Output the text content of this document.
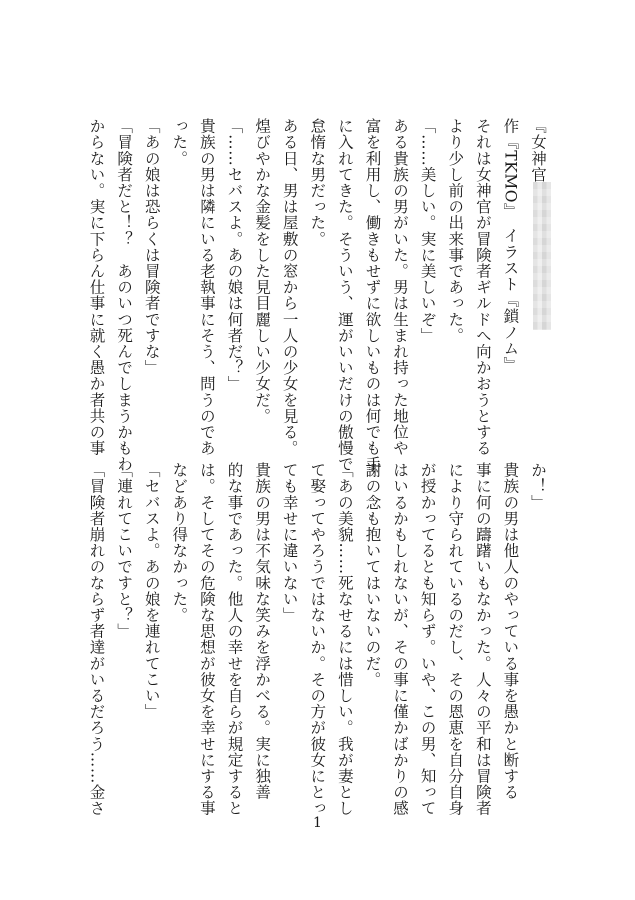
『女神官
作『TKMO』　イラスト『鎖ノム』
それは女神官が冒険者ギルドへ向かおうとする
より少し前の出来事であった。
「……美しい。実に美しいぞ」
ある貴族の男がいた。男は生まれ持った地位や
富を利用し、働きもせずに欲しいものは何でも手
に入れてきた。そういう、運がいいだけの傲慢で
怠惰な男だった。
ある日、男は屋敷の窓から一人の少女を見る。
煌びやかな金髪をした見目麗しい少女だ。
「……セバスよ。あの娘は何者だ？」
貴族の男は隣にいる老執事にそう、問うのであ
った。
「あの娘は恐らくは冒険者ですな」
「冒険者だと！？　あのいつ死んでしまうかもわ
からない。実に下らん仕事に就く愚か者共の事
か！」
貴族の男は他人のやっている事を愚かと断する
事に何の躊躇いもなかった。人々の平和は冒険者
により守られているのだし、その恩恵を自分自身
が授かってるとも知らず。いや、この男、知って
はいるかもしれないが、その事に僅かばかりの感
謝の念も抱いてはいないのだ。
「あの美貌……死なせるには惜しい。我が妻とし
て娶ってやろうではないか。その方が彼女にとっ
ても幸せに違いない」
貴族の男は不気味な笑みを浮かべる。実に独善
的な事であった。他人の幸せを自らが規定すると
は。そしてその危険な思想が彼女を幸せにする事
などあり得なかった。
「セバスよ。あの娘を連れてこい」
「連れてこいですと？」
「冒険者崩れのならず者達がいるだろう……金さ
1
